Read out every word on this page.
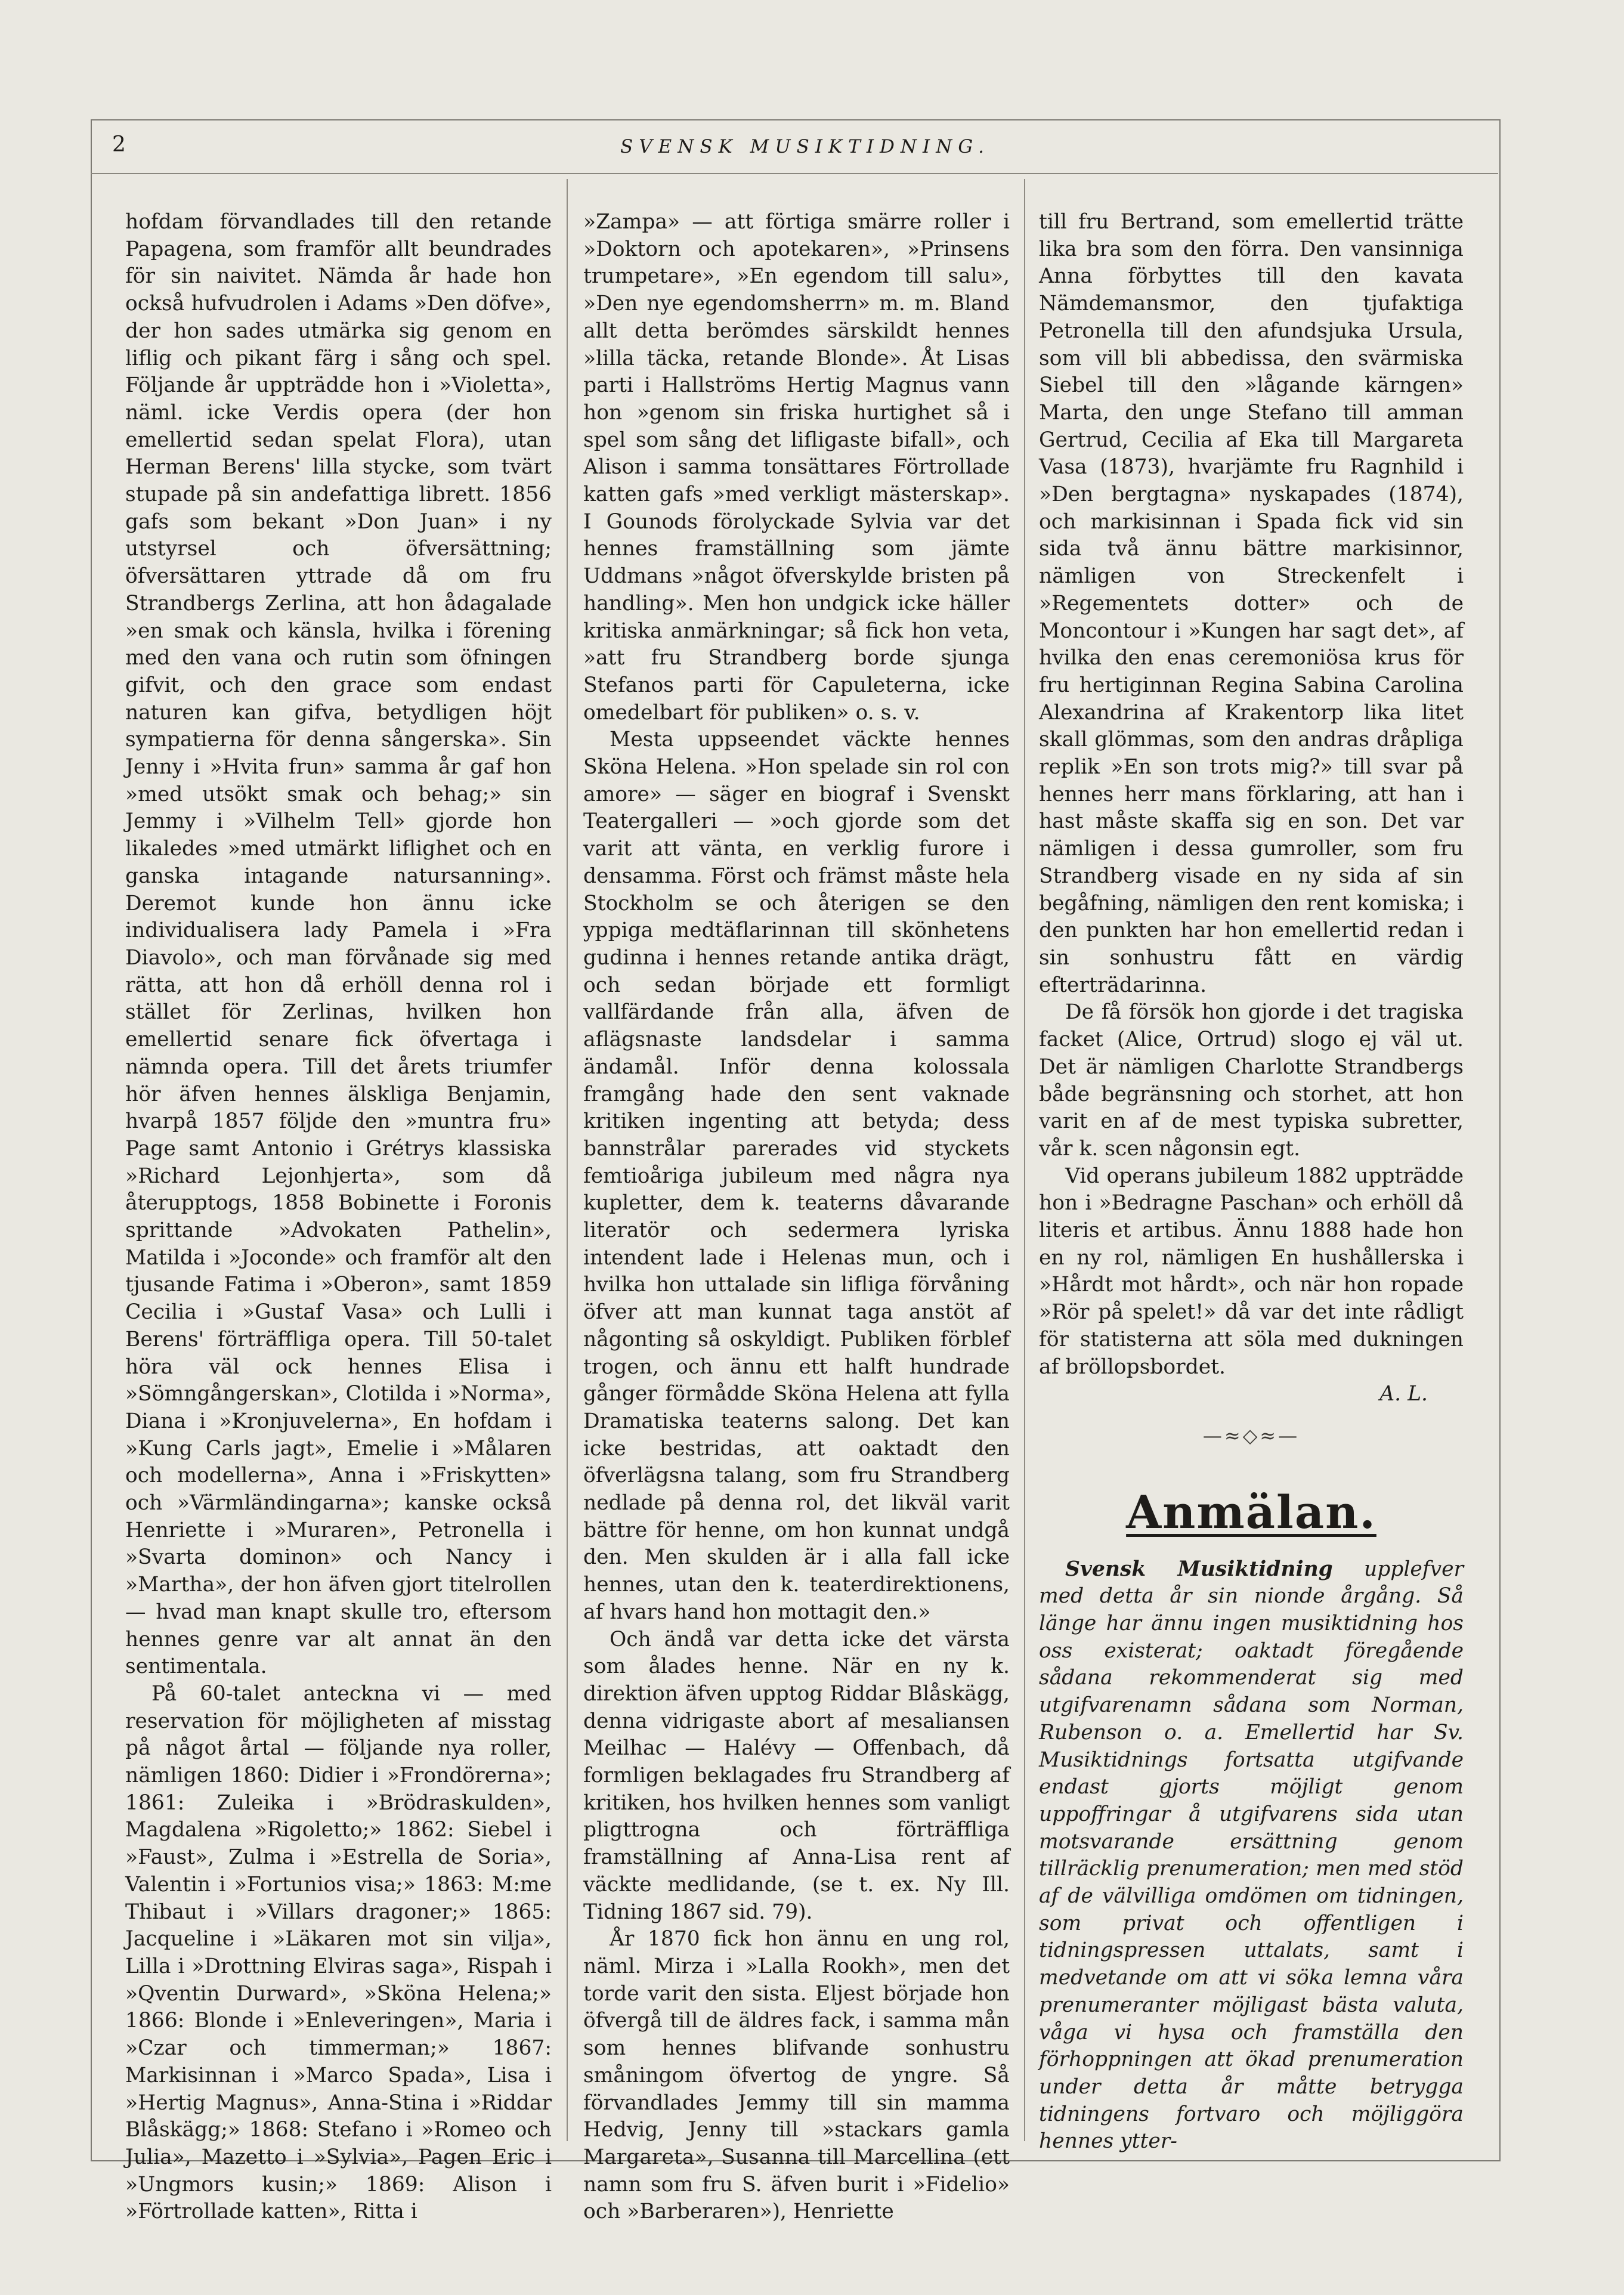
2	SVENSK MUSIKTIDNING.

hofdam förvandlades till den retande Papagena, som framför allt beundrades för sin naivitet. Nämda år hade hon också hufvudrolen i Adams »Den döfve», der hon sades utmärka sig genom en liflig och pikant färg i sång och spel. Följande år uppträdde hon i »Violetta», näml. icke Verdis opera (der hon emellertid sedan spelat Flora), utan Herman Berens' lilla stycke, som tvärt stupade på sin andefattiga librett. 1856 gafs som bekant »Don Juan» i ny utstyrsel och öfversättning; öfversättaren yttrade då om fru Strandbergs Zerlina, att hon ådagalade »en smak och känsla, hvilka i förening med den vana och rutin som öfningen gifvit, och den grace som endast naturen kan gifva, betydligen höjt sympatierna för denna sångerska». Sin Jenny i »Hvita frun» samma år gaf hon »med utsökt smak och behag;» sin Jemmy i »Vilhelm Tell» gjorde hon likaledes »med utmärkt liflighet och en ganska intagande natursanning». Deremot kunde hon ännu icke individualisera lady Pamela i »Fra Diavolo», och man förvånade sig med rätta, att hon då erhöll denna rol i stället för Zerlinas, hvilken hon emellertid senare fick öfvertaga i nämnda opera. Till det årets triumfer hör äfven hennes älskliga Benjamin, hvarpå 1857 följde den »muntra fru» Page samt Antonio i Grétrys klassiska »Richard Lejonhjerta», som då återupptogs, 1858 Bobinette i Foronis sprittande »Advokaten Pathelin», Matilda i »Joconde» och framför alt den tjusande Fatima i »Oberon», samt 1859 Cecilia i »Gustaf Vasa» och Lulli i Berens' förträffliga opera. Till 50-talet höra väl ock hennes Elisa i »Sömngångerskan», Clotilda i »Norma», Diana i »Kronjuvelerna», En hofdam i »Kung Carls jagt», Emelie i »Målaren och modellerna», Anna i »Friskytten» och »Värmländingarna»; kanske också Henriette i »Muraren», Petronella i »Svarta dominon» och Nancy i »Martha», der hon äfven gjort titelrollen — hvad man knapt skulle tro, eftersom hennes genre var alt annat än den sentimentala.

På 60-talet anteckna vi — med reservation för möjligheten af misstag på något årtal — följande nya roller, nämligen 1860: Didier i »Frondörerna»; 1861: Zuleika i »Brödraskulden», Magdalena »Rigoletto;» 1862: Siebel i »Faust», Zulma i »Estrella de Soria», Valentin i »Fortunios visa;» 1863: M:me Thibaut i »Villars dragoner;» 1865: Jacqueline i »Läkaren mot sin vilja», Lilla i »Drottning Elviras saga», Rispah i »Qventin Durward», »Sköna Helena;» 1866: Blonde i »Enleveringen», Maria i »Czar och timmerman;» 1867: Markisinnan i »Marco Spada», Lisa i »Hertig Magnus», Anna-Stina i »Riddar Blåskägg;» 1868: Stefano i »Romeo och Julia», Mazetto i »Sylvia», Pagen Eric i »Ungmors kusin;» 1869: Alison i »Förtrollade katten», Ritta i

»Zampa» — att förtiga smärre roller i »Doktorn och apotekaren», »Prinsens trumpetare», »En egendom till salu», »Den nye egendomsherrn» m. m. Bland allt detta berömdes särskildt hennes »lilla täcka, retande Blonde». Åt Lisas parti i Hallströms Hertig Magnus vann hon »genom sin friska hurtighet så i spel som sång det lifligaste bifall», och Alison i samma tonsättares Förtrollade katten gafs »med verkligt mästerskap». I Gounods förolyckade Sylvia var det hennes framställning som jämte Uddmans »något öfverskylde bristen på handling». Men hon undgick icke häller kritiska anmärkningar; så fick hon veta, »att fru Strandberg borde sjunga Stefanos parti för Capuleterna, icke omedelbart för publiken» o. s. v.

Mesta uppseendet väckte hennes Sköna Helena. »Hon spelade sin rol con amore» — säger en biograf i Svenskt Teatergalleri — »och gjorde som det varit att vänta, en verklig furore i densamma. Först och främst måste hela Stockholm se och återigen se den yppiga medtäflarinnan till skönhetens gudinna i hennes retande antika drägt, och sedan började ett formligt vallfärdande från alla, äfven de aflägsnaste landsdelar i samma ändamål. Inför denna kolossala framgång hade den sent vaknade kritiken ingenting att betyda; dess bannstrålar parerades vid styckets femtioåriga jubileum med några nya kupletter, dem k. teaterns dåvarande literatör och sedermera lyriska intendent lade i Helenas mun, och i hvilka hon uttalade sin lifliga förvåning öfver att man kunnat taga anstöt af någonting så oskyldigt. Publiken förblef trogen, och ännu ett halft hundrade gånger förmådde Sköna Helena att fylla Dramatiska teaterns salong. Det kan icke bestridas, att oaktadt den öfverlägsna talang, som fru Strandberg nedlade på denna rol, det likväl varit bättre för henne, om hon kunnat undgå den. Men skulden är i alla fall icke hennes, utan den k. teaterdirektionens, af hvars hand hon mottagit den.»

Och ändå var detta icke det värsta som ålades henne. När en ny k. direktion äfven upptog Riddar Blåskägg, denna vidrigaste abort af mesaliansen Meilhac — Halévy — Offenbach, då formligen beklagades fru Strandberg af kritiken, hos hvilken hennes som vanligt pligttrogna och förträffliga framställning af Anna-Lisa rent af väckte medlidande, (se t. ex. Ny Ill. Tidning 1867 sid. 79).

År 1870 fick hon ännu en ung rol, näml. Mirza i »Lalla Rookh», men det torde varit den sista. Eljest började hon öfvergå till de äldres fack, i samma mån som hennes blifvande sonhustru småningom öfvertog de yngre. Så förvandlades Jemmy till sin mamma Hedvig, Jenny till »stackars gamla Margareta», Susanna till Marcellina (ett namn som fru S. äfven burit i »Fidelio» och »Barberaren»), Henriette

till fru Bertrand, som emellertid trätte lika bra som den förra. Den vansinniga Anna förbyttes till den kavata Nämdemansmor, den tjufaktiga Petronella till den afundsjuka Ursula, som vill bli abbedissa, den svärmiska Siebel till den »lågande kärngen» Marta, den unge Stefano till amman Gertrud, Cecilia af Eka till Margareta Vasa (1873), hvarjämte fru Ragnhild i »Den bergtagna» nyskapades (1874), och markisinnan i Spada fick vid sin sida två ännu bättre markisinnor, nämligen von Streckenfelt i »Regementets dotter» och de Moncontour i »Kungen har sagt det», af hvilka den enas ceremoniösa krus för fru hertiginnan Regina Sabina Carolina Alexandrina af Krakentorp lika litet skall glömmas, som den andras dråpliga replik »En son trots mig?» till svar på hennes herr mans förklaring, att han i hast måste skaffa sig en son. Det var nämligen i dessa gumroller, som fru Strandberg visade en ny sida af sin begåfning, nämligen den rent komiska; i den punkten har hon emellertid redan i sin sonhustru fått en värdig efterträdarinna.

De få försök hon gjorde i det tragiska facket (Alice, Ortrud) slogo ej väl ut. Det är nämligen Charlotte Strandbergs både begränsning och storhet, att hon varit en af de mest typiska subretter, vår k. scen någonsin egt.

Vid operans jubileum 1882 uppträdde hon i »Bedragne Paschan» och erhöll då literis et artibus. Ännu 1888 hade hon en ny rol, nämligen En hushållerska i »Hårdt mot hårdt», och när hon ropade »Rör på spelet!» då var det inte rådligt för statisterna att söla med dukningen af bröllopsbordet.

A. L.

—≈◇≈—
Anmälan.

Svensk Musiktidning upplefver med detta år sin nionde årgång. Så länge har ännu ingen musiktidning hos oss existerat; oaktadt föregående sådana rekommenderat sig med utgifvarenamn sådana som Norman, Rubenson o. a. Emellertid har Sv. Musiktidnings fortsatta utgifvande endast gjorts möjligt genom uppoffringar å utgifvarens sida utan motsvarande ersättning genom tillräcklig prenumeration; men med stöd af de välvilliga omdömen om tidningen, som privat och offentligen i tidningspressen uttalats, samt i medvetande om att vi söka lemna våra prenumeranter möjligast bästa valuta, våga vi hysa och framställa den förhoppningen att ökad prenumeration under detta år måtte betrygga tidningens fortvaro och möjliggöra hennes ytter-
